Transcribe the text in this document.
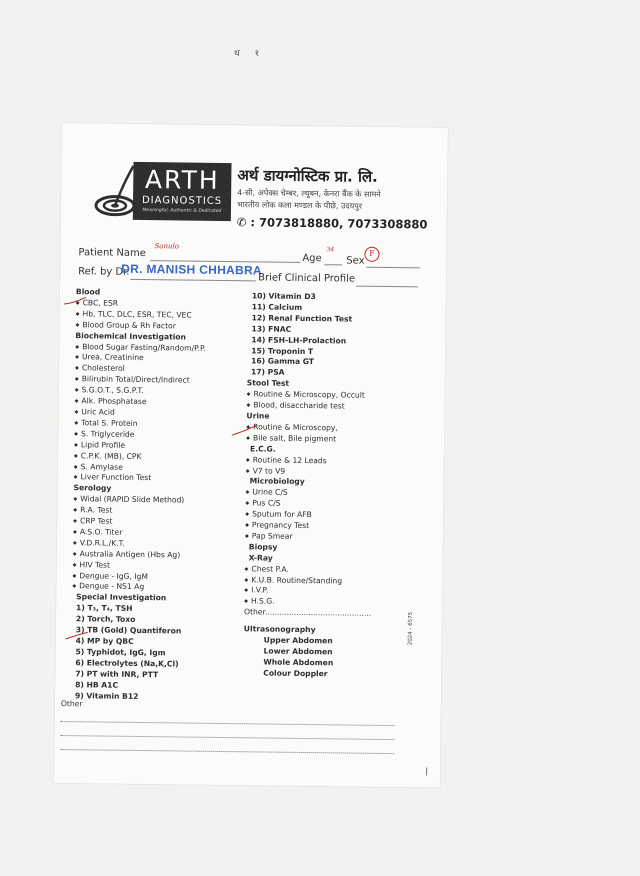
थ १
ARTH
DIAGNOSTICS
Meaningful, Authentic & Dedicated
अर्थ डायग्नोस्टिक प्रा. लि.
4-सी, अपेक्स चेम्बर, ल्यूबन, केनरा बैंक के सामने
भारतीय लोक कला मण्डल के पीछे, उदयपुर
✆ : 7073818880, 7073308880
Patient Name
Sanulo
Age
34
Sex
F
Ref. by Dr.
DR. MANISH CHHABRA
Brief Clinical Profile
Blood
◆ CBC, ESR
◆ Hb, TLC, DLC, ESR, TEC, VEC
◆ Blood Group & Rh Factor
Biochemical Investigation
◆ Blood Sugar Fasting/Random/P.P.
◆ Urea, Creatinine
◆ Cholesterol
◆ Bilirubin Total/Direct/Indirect
◆ S.G.O.T., S.G.P.T.
◆ Alk. Phosphatase
◆ Uric Acid
◆ Total S. Protein
◆ S. Triglyceride
◆ Lipid Profile
◆ C.P.K. (MB), CPK
◆ S. Amylase
◆ Liver Function Test
Serology
◆ Widal (RAPID Slide Method)
◆ R.A. Test
◆ CRP Test
◆ A.S.O. Titer
◆ V.D.R.L./K.T.
◆ Australia Antigen (Hbs Ag)
◆ HIV Test
◆ Dengue - IgG, IgM
◆ Dengue - NS1 Ag
Special Investigation
1) T₃, T₄, TSH
2) Torch, Toxo
3) TB (Gold) Quantiferon
4) MP by QBC
5) Typhidot, IgG, Igm
6) Electrolytes (Na,K,Cl)
7) PT with INR, PTT
8) HB A1C
9) Vitamin B12
10) Vitamin D3
11) Calcium
12) Renal Function Test
13) FNAC
14) FSH-LH-Prolaction
15) Troponin T
16) Gamma GT
17) PSA
Stool Test
◆ Routine & Microscopy, Occult
◆ Blood, disaccharide test
Urine
◆ Routine & Microscopy,
◆ Bile salt, Bile pigment
E.C.G.
◆ Routine & 12 Leads
◆ V7 to V9
Microbiology
◆ Urine C/S
◆ Pus C/S
◆ Sputum for AFB
◆ Pregnancy Test
◆ Pap Smear
Biopsy
X-Ray
◆ Chest P.A.
◆ K.U.B. Routine/Standing
◆ I.V.P.
◆ H.S.G.
Other............................................
Ultrasonography
Upper Abdomen
Lower Abdomen
Whole Abdomen
Colour Doppler
Other
2024 - 6575
